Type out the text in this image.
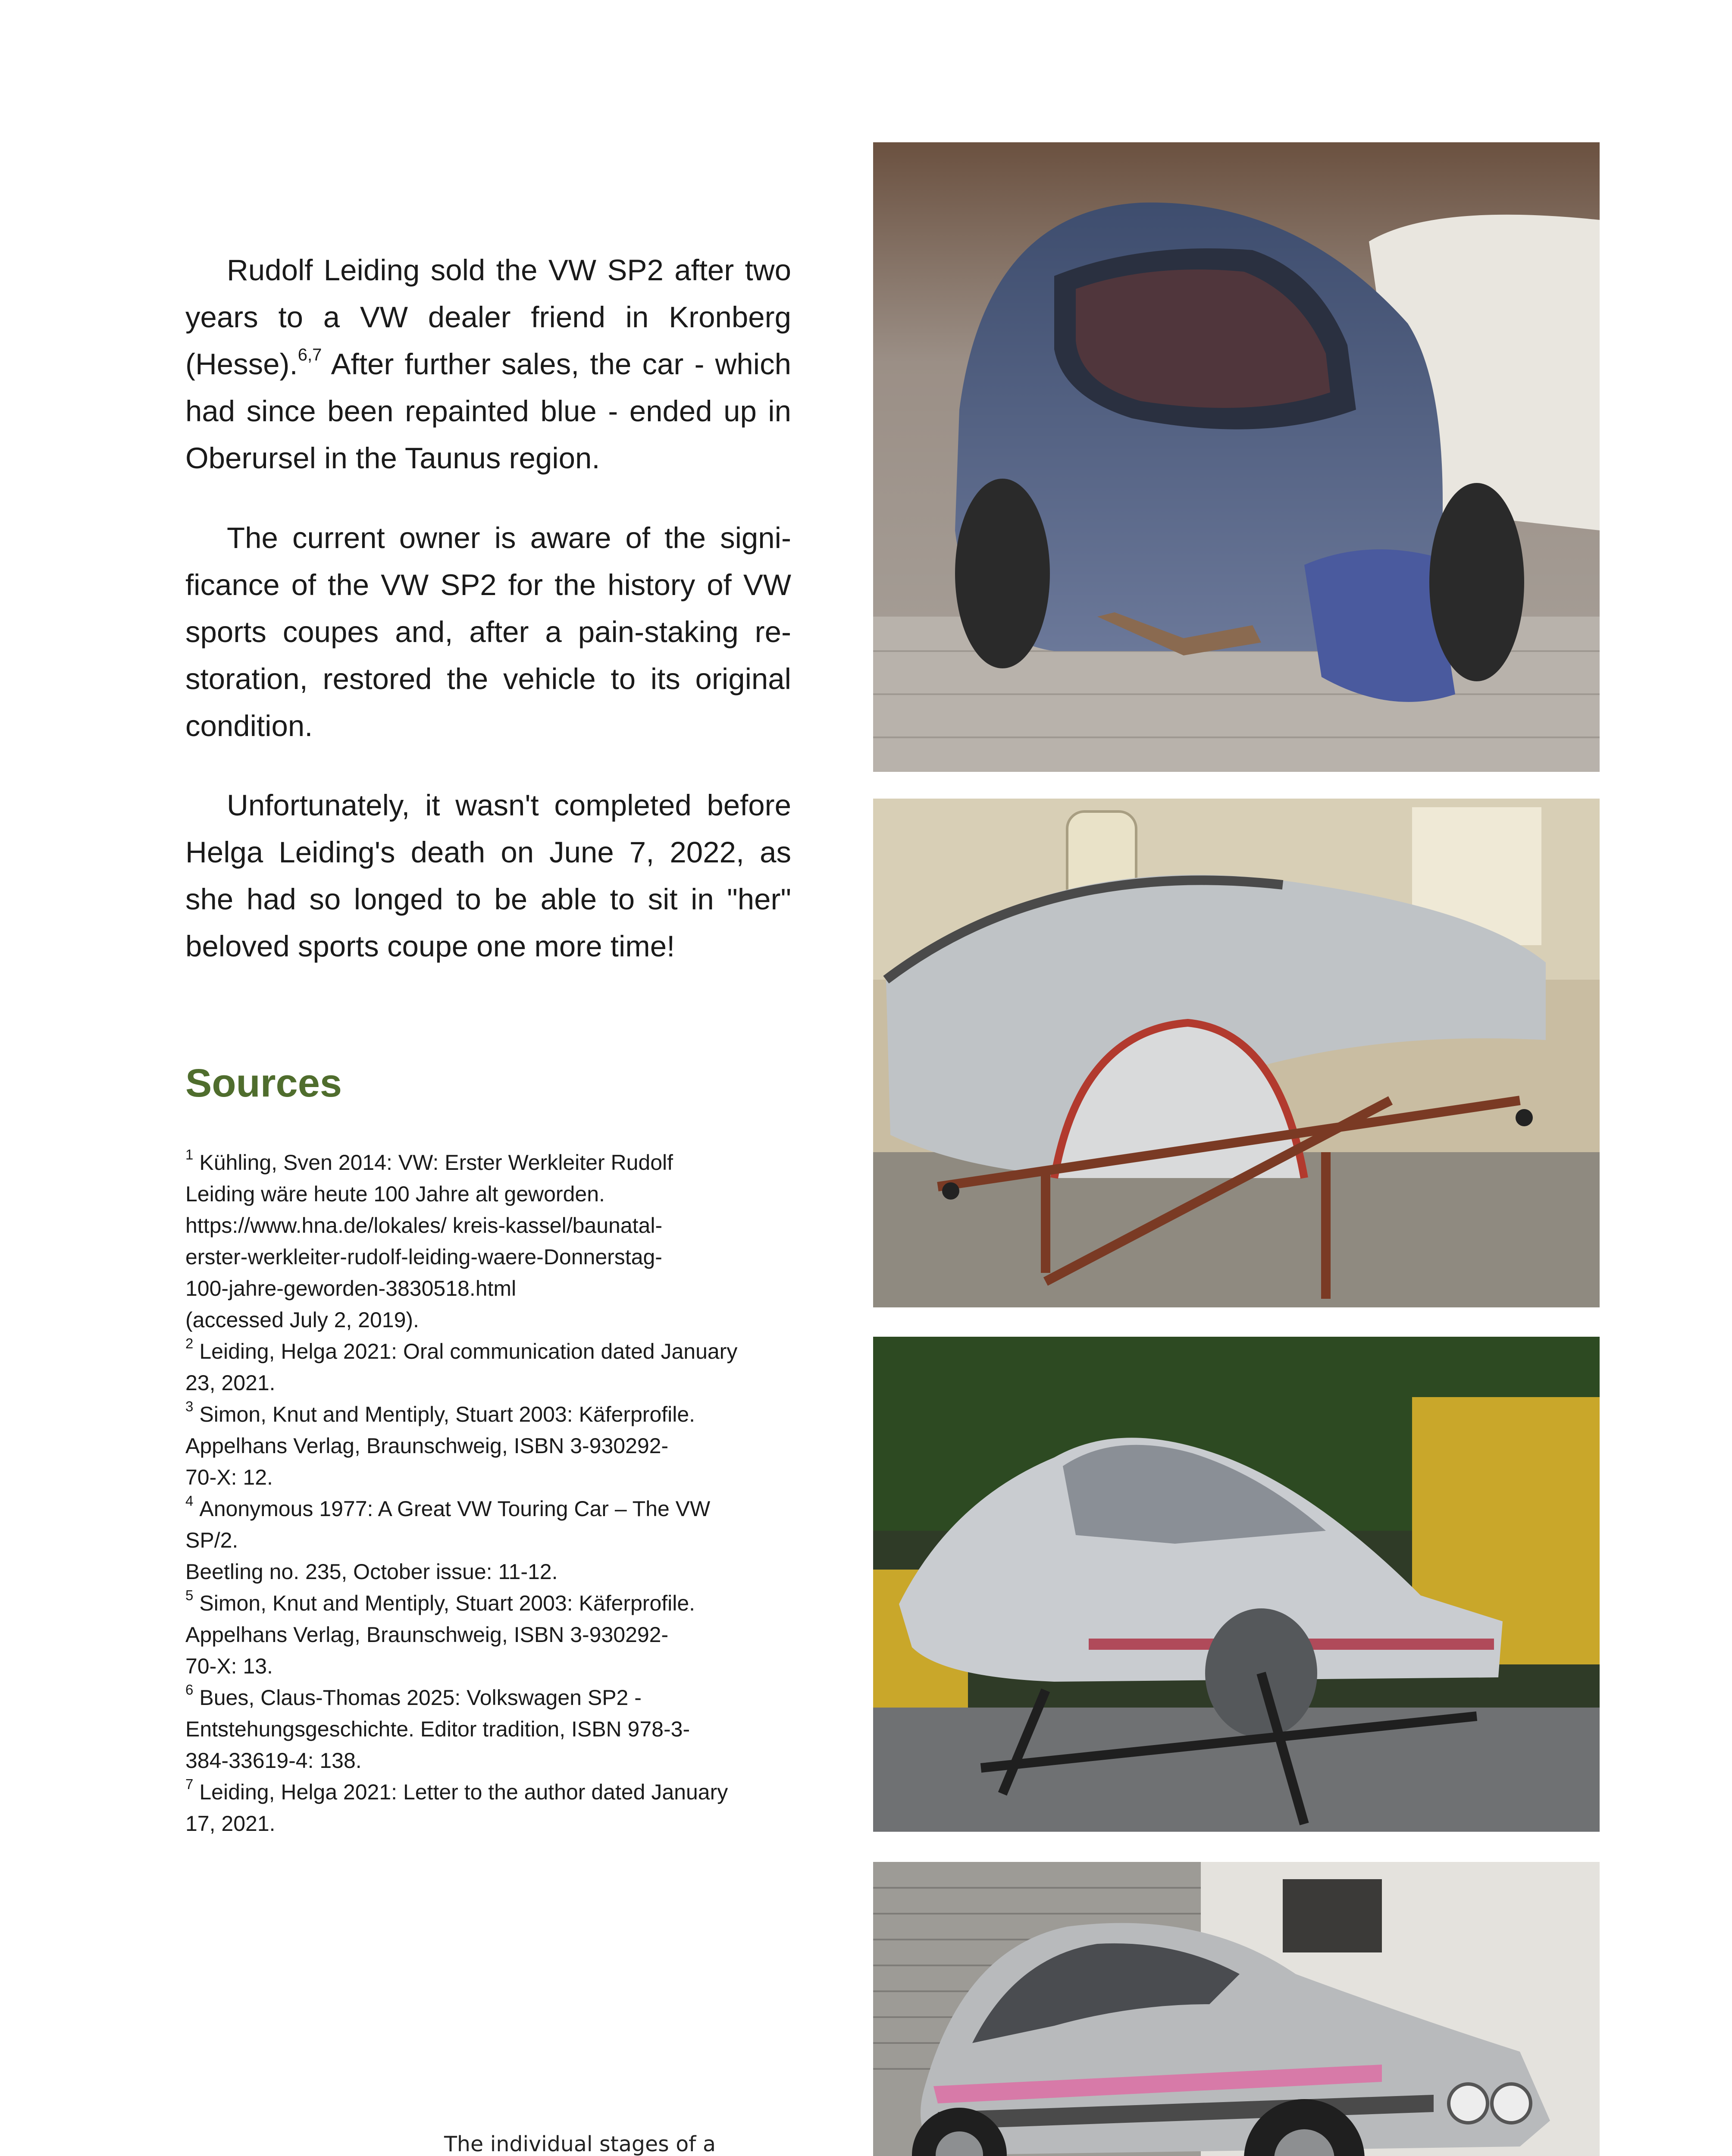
Rudolf Leiding sold the VW SP2 after two years to a VW dealer friend in Kronberg (Hesse).$^{6,7}$ After further sales, the car - which had since been repainted blue - ended up in Oberursel in the Taunus region.

The current owner is aware of the significance of the VW SP2 for the history of VW sports coupes and, after a pain-staking restoration, restored the vehicle to its original condition.

Unfortunately, it wasn't completed before Helga Leiding's death on June 7, 2022, as she had so longed to be able to sit in "her" beloved sports coupe one more time!

Sources
$^1$ Kühling, Sven 2014: VW: Erster Werkleiter Rudolf
Leiding wäre heute 100 Jahre alt geworden.
https://www.hna.de/lokales/ kreis-kassel/baunatal-
erster-werkleiter-rudolf-leiding-waere-Donnerstag-
100-jahre-geworden-3830518.html
(accessed July 2, 2019).
$^2$ Leiding, Helga 2021: Oral communication dated January
23, 2021.
$^3$ Simon, Knut and Mentiply, Stuart 2003: Käferprofile.
Appelhans Verlag, Braunschweig, ISBN 3-930292-
70-X: 12.
$^4$ Anonymous 1977: A Great VW Touring Car – The VW
SP/2.
Beetling no. 235, October issue: 11-12.
$^5$ Simon, Knut and Mentiply, Stuart 2003: Käferprofile.
Appelhans Verlag, Braunschweig, ISBN 3-930292-
70-X: 13.
$^6$ Bues, Claus-Thomas 2025: Volkswagen SP2 -
Entstehungsgeschichte. Editor tradition, ISBN 978-3-
384-33619-4: 138.
$^7$ Leiding, Helga 2021: Letter to the author dated January
17, 2021.
The individual stages of a
